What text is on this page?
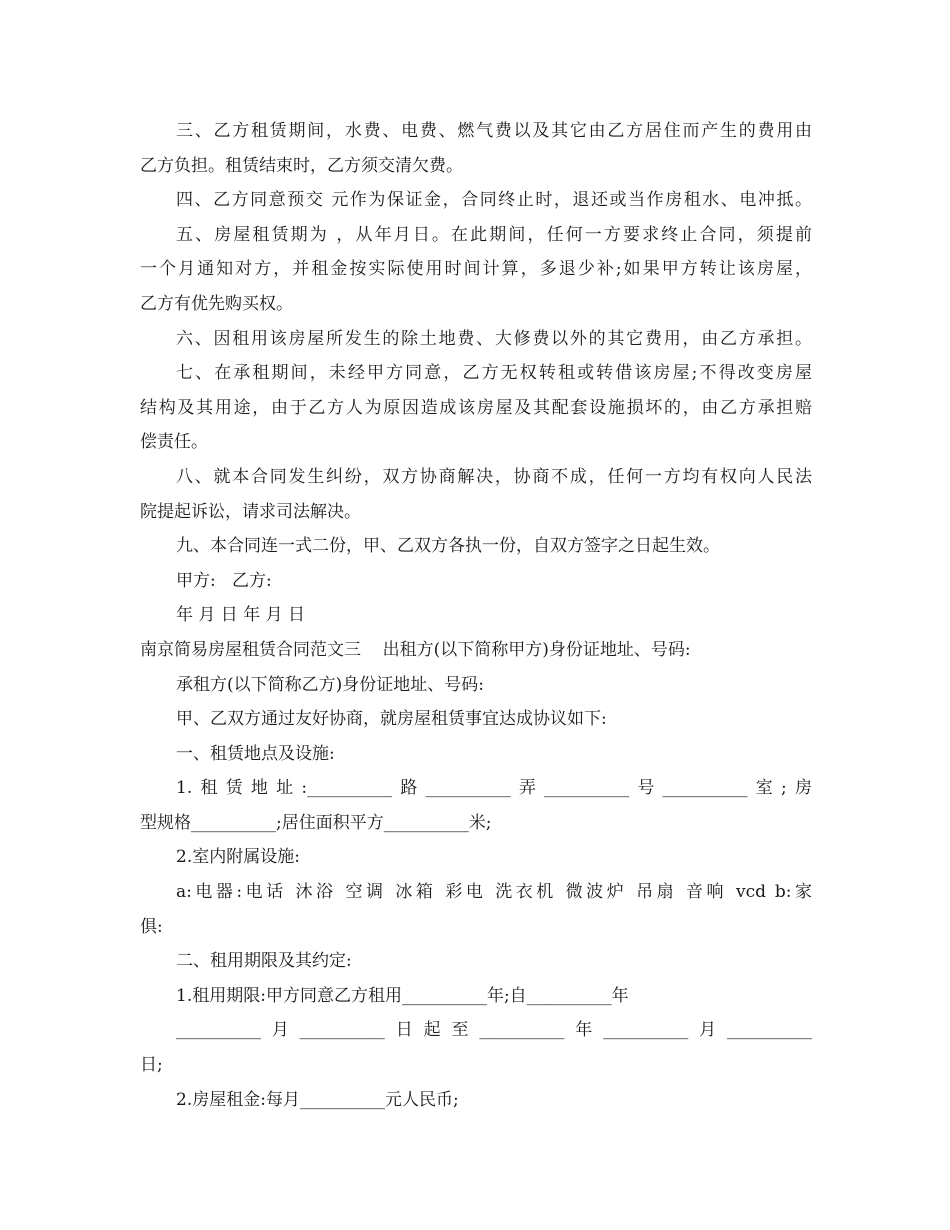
三、乙方租赁期间，水费、电费、燃气费以及其它由乙方居住而产生的费用由
乙方负担。租赁结束时，乙方须交清欠费。
四、乙方同意预交 元作为保证金，合同终止时，退还或当作房租水、电冲抵。
五、房屋租赁期为 ，从年月日。在此期间，任何一方要求终止合同，须提前
一个月通知对方，并租金按实际使用时间计算，多退少补;如果甲方转让该房屋，
乙方有优先购买权。
六、因租用该房屋所发生的除土地费、大修费以外的其它费用，由乙方承担。
七、在承租期间，未经甲方同意，乙方无权转租或转借该房屋;不得改变房屋
结构及其用途，由于乙方人为原因造成该房屋及其配套设施损坏的，由乙方承担赔
偿责任。
八、就本合同发生纠纷，双方协商解决，协商不成，任何一方均有权向人民法
院提起诉讼，请求司法解决。
九、本合同连一式二份，甲、乙双方各执一份，自双方签字之日起生效。
甲方:   乙方:
年 月 日 年 月 日
南京简易房屋租赁合同范文三    出租方(以下简称甲方)身份证地址、号码:
承租方(以下简称乙方)身份证地址、号码:
甲、乙双方通过友好协商，就房屋租赁事宜达成协议如下:
一、租赁地点及设施:
1.租赁地址:__________路__________弄__________号__________室;房
型规格__________;居住面积平方__________米;
2.室内附属设施:
a:电器:电话 沐浴 空调 冰箱 彩电 洗衣机 微波炉 吊扇 音响 vcd b:家
俱:
二、租用期限及其约定:
1.租用期限:甲方同意乙方租用__________年;自__________年
__________月__________日起至__________年__________月__________
日;
2.房屋租金:每月__________元人民币;
